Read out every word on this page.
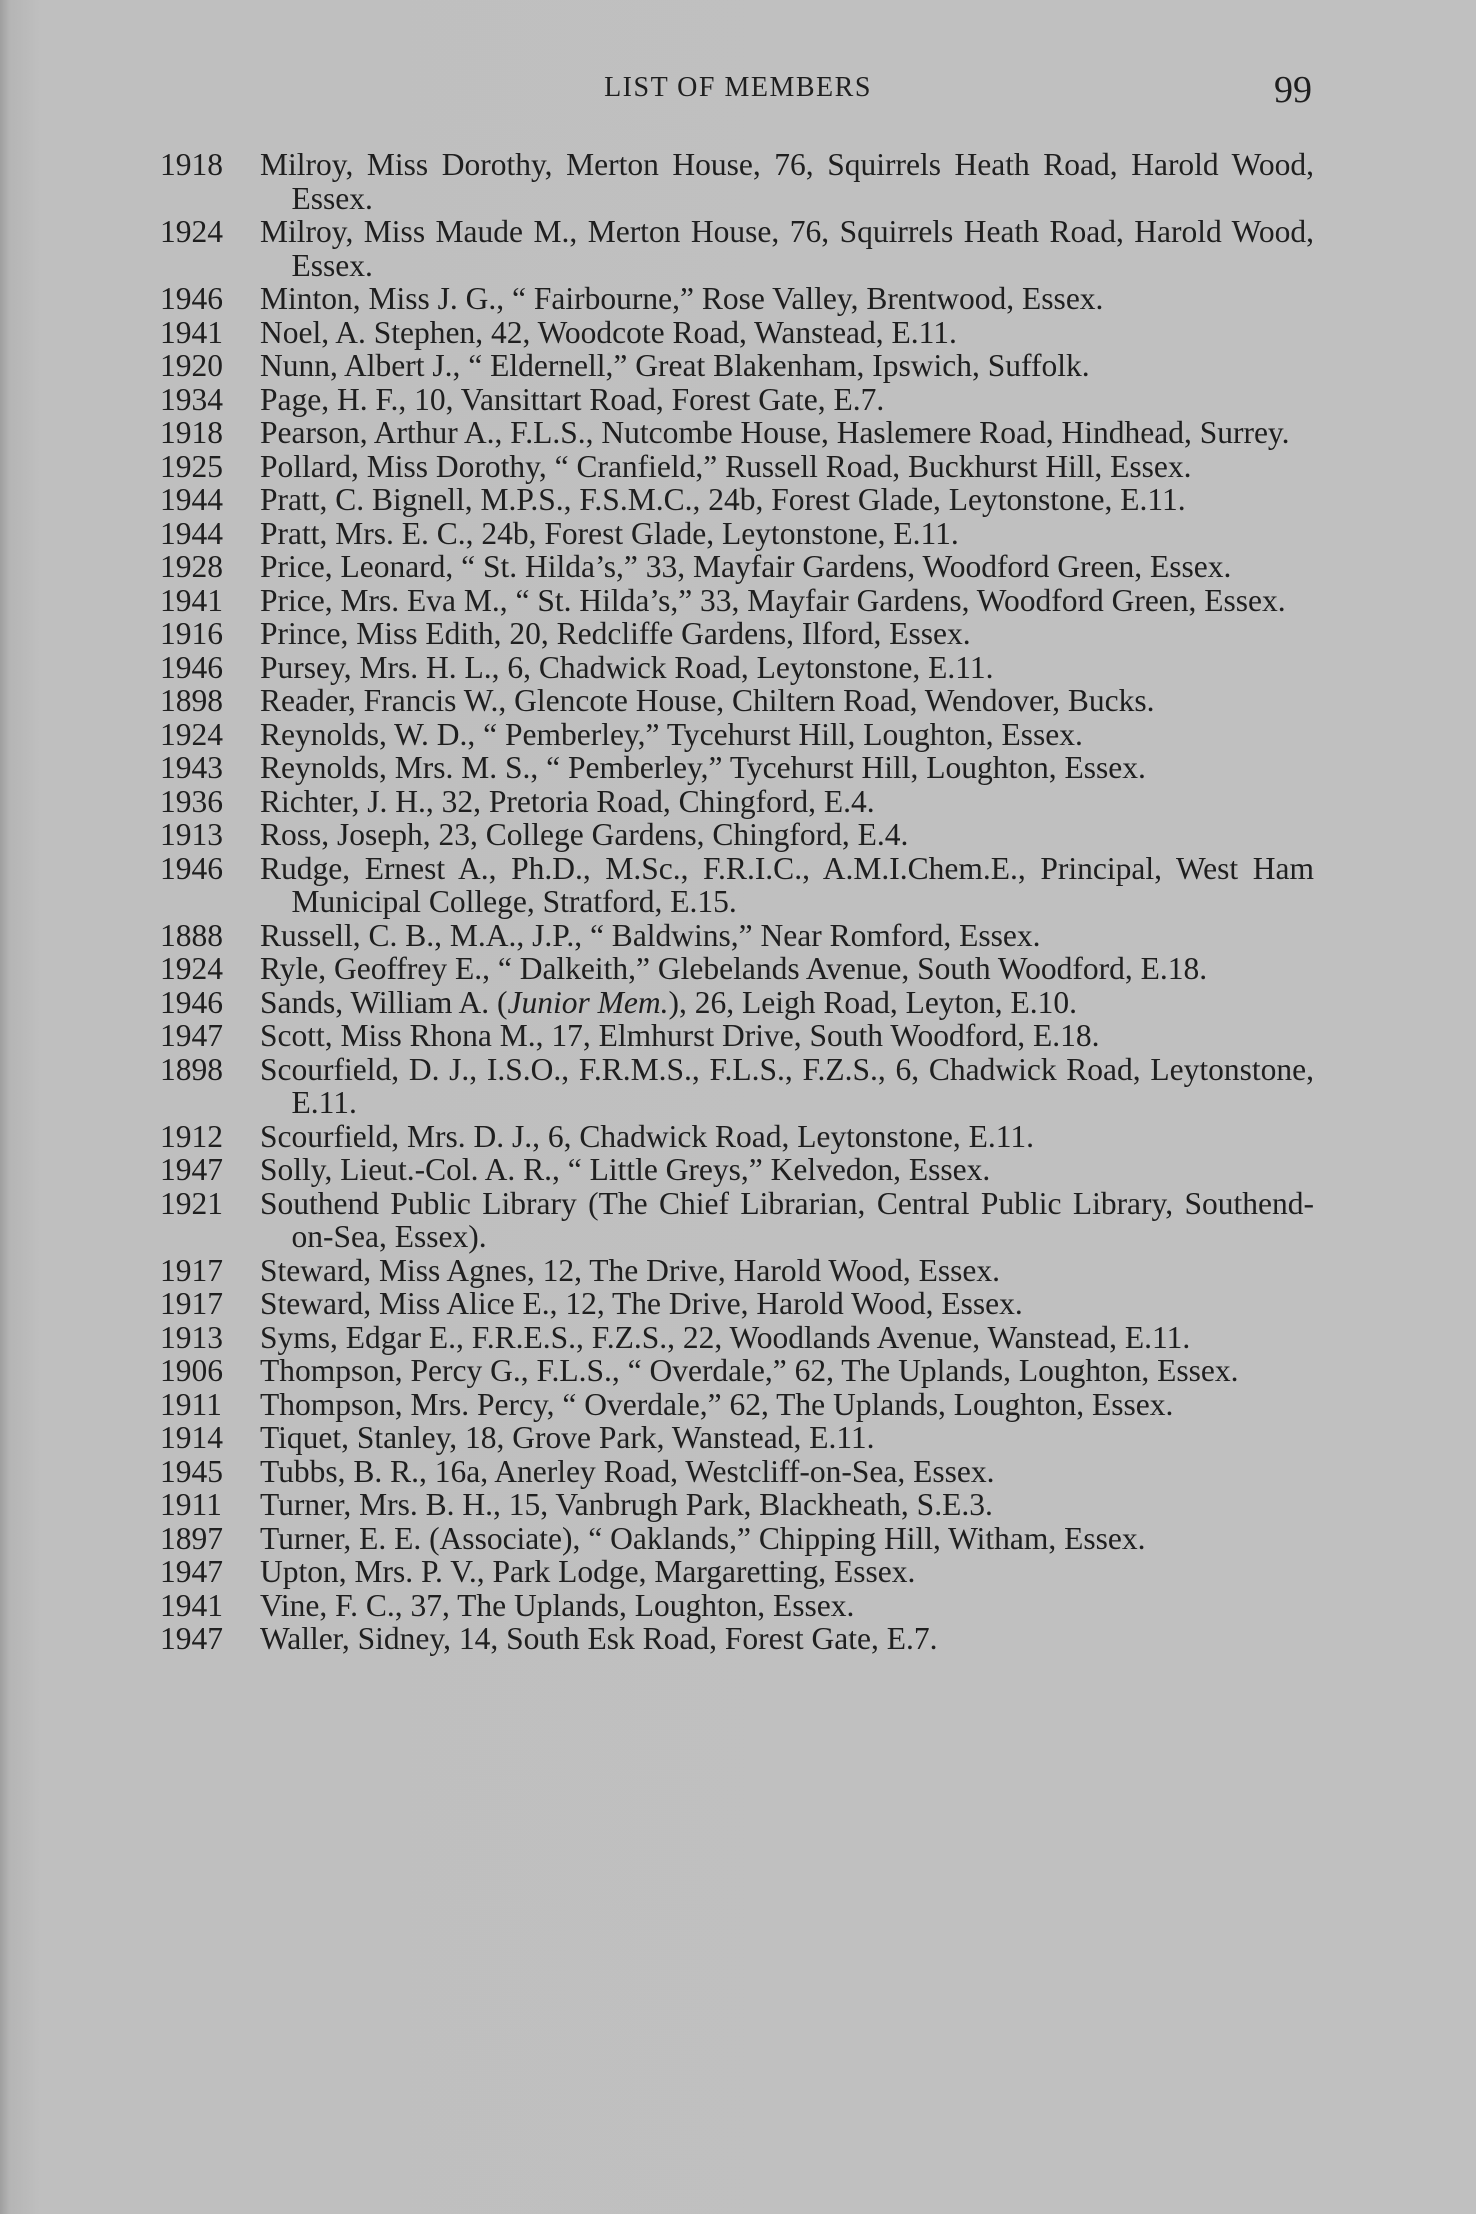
LIST OF MEMBERS	99
1918	Milroy, Miss Dorothy, Merton House, 76, Squirrels Heath Road, Harold Wood, Essex.
1924	Milroy, Miss Maude M., Merton House, 76, Squirrels Heath Road, Harold Wood, Essex.
1946	Minton, Miss J. G., “ Fairbourne,” Rose Valley, Brentwood, Essex.
1941	Noel, A. Stephen, 42, Woodcote Road, Wanstead, E.11.
1920	Nunn, Albert J., “ Eldernell,” Great Blakenham, Ipswich, Suffolk.
1934	Page, H. F., 10, Vansittart Road, Forest Gate, E.7.
1918	Pearson, Arthur A., F.L.S., Nutcombe House, Haslemere Road, Hindhead, Surrey.
1925	Pollard, Miss Dorothy, “ Cranfield,” Russell Road, Buckhurst Hill, Essex.
1944	Pratt, C. Bignell, M.P.S., F.S.M.C., 24b, Forest Glade, Leytonstone, E.11.
1944	Pratt, Mrs. E. C., 24b, Forest Glade, Leytonstone, E.11.
1928	Price, Leonard, “ St. Hilda’s,” 33, Mayfair Gardens, Woodford Green, Essex.
1941	Price, Mrs. Eva M., “ St. Hilda’s,” 33, Mayfair Gardens, Woodford Green, Essex.
1916	Prince, Miss Edith, 20, Redcliffe Gardens, Ilford, Essex.
1946	Pursey, Mrs. H. L., 6, Chadwick Road, Leytonstone, E.11.
1898	Reader, Francis W., Glencote House, Chiltern Road, Wendover, Bucks.
1924	Reynolds, W. D., “ Pemberley,” Tycehurst Hill, Loughton, Essex.
1943	Reynolds, Mrs. M. S., “ Pemberley,” Tycehurst Hill, Loughton, Essex.
1936	Richter, J. H., 32, Pretoria Road, Chingford, E.4.
1913	Ross, Joseph, 23, College Gardens, Chingford, E.4.
1946	Rudge, Ernest A., Ph.D., M.Sc., F.R.I.C., A.M.I.Chem.E., Principal, West Ham Municipal College, Stratford, E.15.
1888	Russell, C. B., M.A., J.P., “ Baldwins,” Near Romford, Essex.
1924	Ryle, Geoffrey E., “ Dalkeith,” Glebelands Avenue, South Woodford, E.18.
1946	Sands, William A. (Junior Mem.), 26, Leigh Road, Leyton, E.10.
1947	Scott, Miss Rhona M., 17, Elmhurst Drive, South Woodford, E.18.
1898	Scourfield, D. J., I.S.O., F.R.M.S., F.L.S., F.Z.S., 6, Chadwick Road, Leytonstone, E.11.
1912	Scourfield, Mrs. D. J., 6, Chadwick Road, Leytonstone, E.11.
1947	Solly, Lieut.-Col. A. R., “ Little Greys,” Kelvedon, Essex.
1921	Southend Public Library (The Chief Librarian, Central Public Library, Southend-on-Sea, Essex).
1917	Steward, Miss Agnes, 12, The Drive, Harold Wood, Essex.
1917	Steward, Miss Alice E., 12, The Drive, Harold Wood, Essex.
1913	Syms, Edgar E., F.R.E.S., F.Z.S., 22, Woodlands Avenue, Wanstead, E.11.
1906	Thompson, Percy G., F.L.S., “ Overdale,” 62, The Uplands, Loughton, Essex.
1911	Thompson, Mrs. Percy, “ Overdale,” 62, The Uplands, Loughton, Essex.
1914	Tiquet, Stanley, 18, Grove Park, Wanstead, E.11.
1945	Tubbs, B. R., 16a, Anerley Road, Westcliff-on-Sea, Essex.
1911	Turner, Mrs. B. H., 15, Vanbrugh Park, Blackheath, S.E.3.
1897	Turner, E. E. (Associate), “ Oaklands,” Chipping Hill, Witham, Essex.
1947	Upton, Mrs. P. V., Park Lodge, Margaretting, Essex.
1941	Vine, F. C., 37, The Uplands, Loughton, Essex.
1947	Waller, Sidney, 14, South Esk Road, Forest Gate, E.7.
